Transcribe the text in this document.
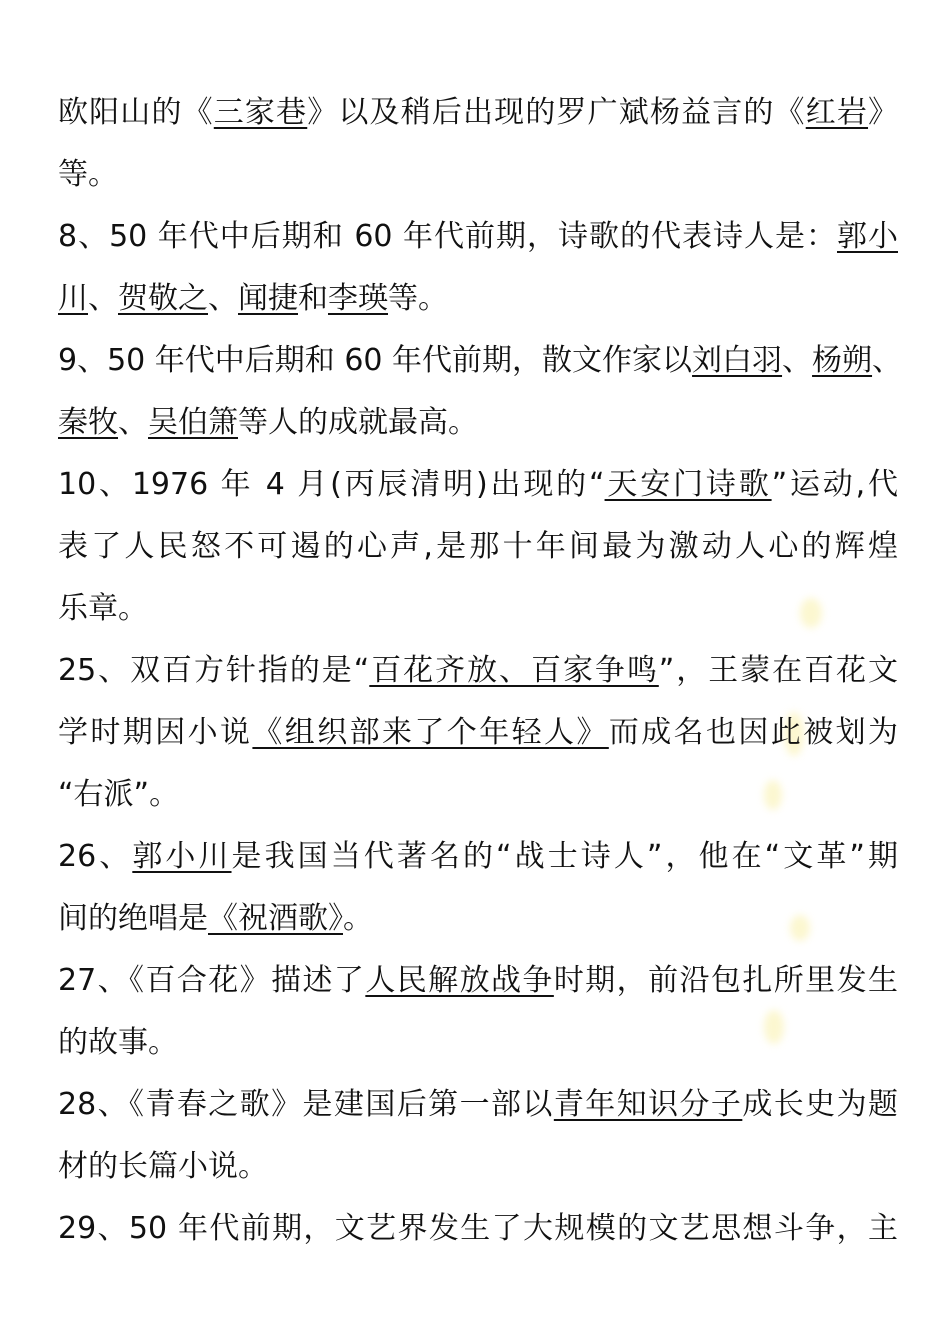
欧阳山的《三家巷》以及稍后出现的罗广斌杨益言的《红岩》
等。
8、50 年代中后期和 60 年代前期，诗歌的代表诗人是：郭小
川、贺敬之、闻捷和李瑛等。
9、50 年代中后期和 60 年代前期，散文作家以刘白羽、杨朔、
秦牧、吴伯箫等人的成就最高。
10、1976 年 4 月(丙辰清明)出现的“天安门诗歌”运动,代
表了人民怒不可遏的心声,是那十年间最为激动人心的辉煌
乐章。
25、双百方针指的是“百花齐放、百家争鸣”，王蒙在百花文
学时期因小说《组织部来了个年轻人》而成名也因此被划为
“右派”。
26、郭小川是我国当代著名的“战士诗人”，他在“文革”期
间的绝唱是《祝酒歌》。
27、《百合花》描述了人民解放战争时期，前沿包扎所里发生
的故事。
28、《青春之歌》是建国后第一部以青年知识分子成长史为题
材的长篇小说。
29、50 年代前期，文艺界发生了大规模的文艺思想斗争，主
